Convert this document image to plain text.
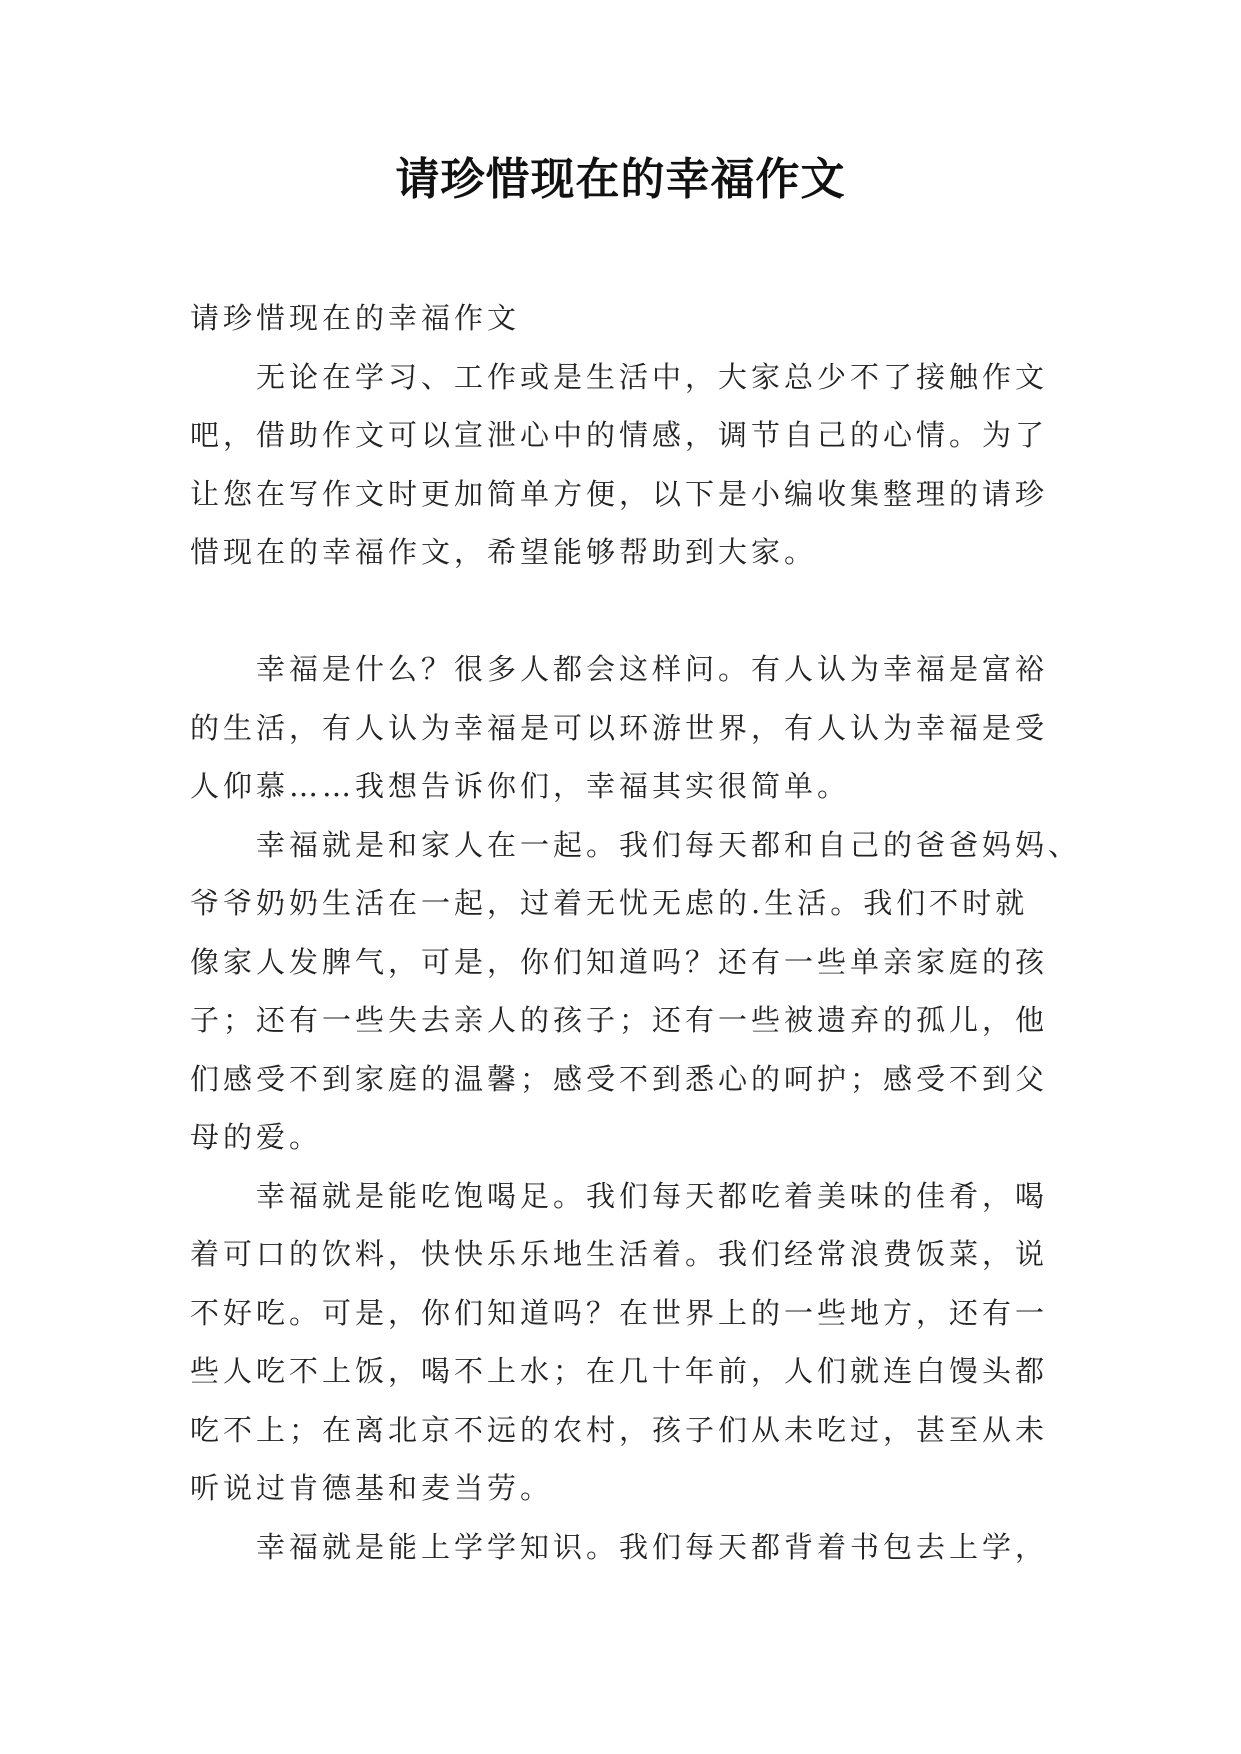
请珍惜现在的幸福作文
请珍惜现在的幸福作文
无论在学习、工作或是生活中，大家总少不了接触作文
吧，借助作文可以宣泄心中的情感，调节自己的心情。为了
让您在写作文时更加简单方便，以下是小编收集整理的请珍
惜现在的幸福作文，希望能够帮助到大家。
幸福是什么？很多人都会这样问。有人认为幸福是富裕
的生活，有人认为幸福是可以环游世界，有人认为幸福是受
人仰慕……我想告诉你们，幸福其实很简单。
幸福就是和家人在一起。我们每天都和自己的爸爸妈妈、
爷爷奶奶生活在一起，过着无忧无虑的.生活。我们不时就
像家人发脾气，可是，你们知道吗？还有一些单亲家庭的孩
子；还有一些失去亲人的孩子；还有一些被遗弃的孤儿，他
们感受不到家庭的温馨；感受不到悉心的呵护；感受不到父
母的爱。
幸福就是能吃饱喝足。我们每天都吃着美味的佳肴，喝
着可口的饮料，快快乐乐地生活着。我们经常浪费饭菜，说
不好吃。可是，你们知道吗？在世界上的一些地方，还有一
些人吃不上饭，喝不上水；在几十年前，人们就连白馒头都
吃不上；在离北京不远的农村，孩子们从未吃过，甚至从未
听说过肯德基和麦当劳。
幸福就是能上学学知识。我们每天都背着书包去上学，
